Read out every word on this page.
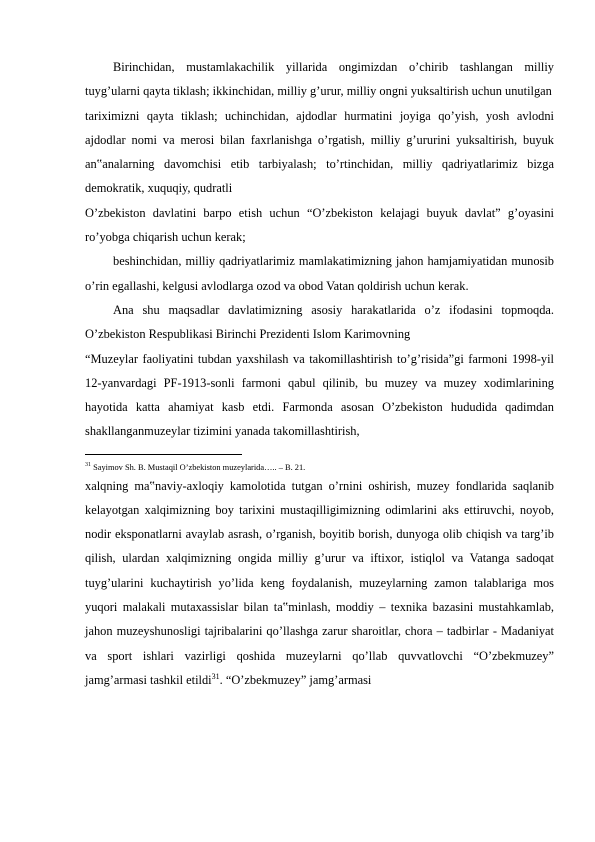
Birinchidan, mustamlakachilik yillarida ongimizdan o’chirib tashlangan milliy tuyg’ularni qayta tiklash; ikkinchidan, milliy g’urur, milliy ongni yuksaltirish uchun unutilgan

tariximizni qayta tiklash; uchinchidan, ajdodlar hurmatini joyiga qo’yish, yosh avlodni ajdodlar nomi va merosi bilan faxrlanishga o’rgatish, milliy g’ururini yuksaltirish, buyuk an‟analarning davomchisi etib tarbiyalash; to’rtinchidan, milliy qadriyatlarimiz bizga demokratik, xuquqiy, qudratli

O’zbekiston davlatini barpo etish uchun “O’zbekiston kelajagi buyuk davlat” g’oyasini ro’yobga chiqarish uchun kerak;

beshinchidan, milliy qadriyatlarimiz mamlakatimizning jahon hamjamiyatidan munosib o’rin egallashi, kelgusi avlodlarga ozod va obod Vatan qoldirish uchun kerak.

Ana shu maqsadlar davlatimizning asosiy harakatlarida o’z ifodasini topmoqda. O’zbekiston Respublikasi Birinchi Prezidenti Islom Karimovning

“Muzeylar faoliyatini tubdan yaxshilash va takomillashtirish to’g’risida”gi farmoni 1998-yil 12-yanvardagi PF-1913-sonli farmoni qabul qilinib, bu muzey va muzey xodimlarining hayotida katta ahamiyat kasb etdi. Farmonda asosan O’zbekiston hududida qadimdan shakllanganmuzeylar tizimini yanada takomillashtirish,

$^{31}$ Sayimov Sh. B. Mustaqil O’zbekiston muzeylarida….. – B. 21.

xalqning ma‟naviy-axloqiy kamolotida tutgan o’rnini oshirish, muzey fondlarida saqlanib kelayotgan xalqimizning boy tarixini mustaqilligimizning odimlarini aks ettiruvchi, noyob, nodir eksponatlarni avaylab asrash, o’rganish, boyitib borish, dunyoga olib chiqish va targ’ib qilish, ulardan xalqimizning ongida milliy g’urur va iftixor, istiqlol va Vatanga sadoqat tuyg’ularini kuchaytirish yo’lida keng foydalanish, muzeylarning zamon talablariga mos yuqori malakali mutaxassislar bilan ta‟minlash, moddiy – texnika bazasini mustahkamlab, jahon muzeyshunosligi tajribalarini qo’llashga zarur sharoitlar, chora – tadbirlar - Madaniyat va sport ishlari vazirligi qoshida muzeylarni qo’llab quvvatlovchi “O’zbekmuzey” jamg’armasi tashkil etildi$^{31}$. “O’zbekmuzey” jamg’armasi
